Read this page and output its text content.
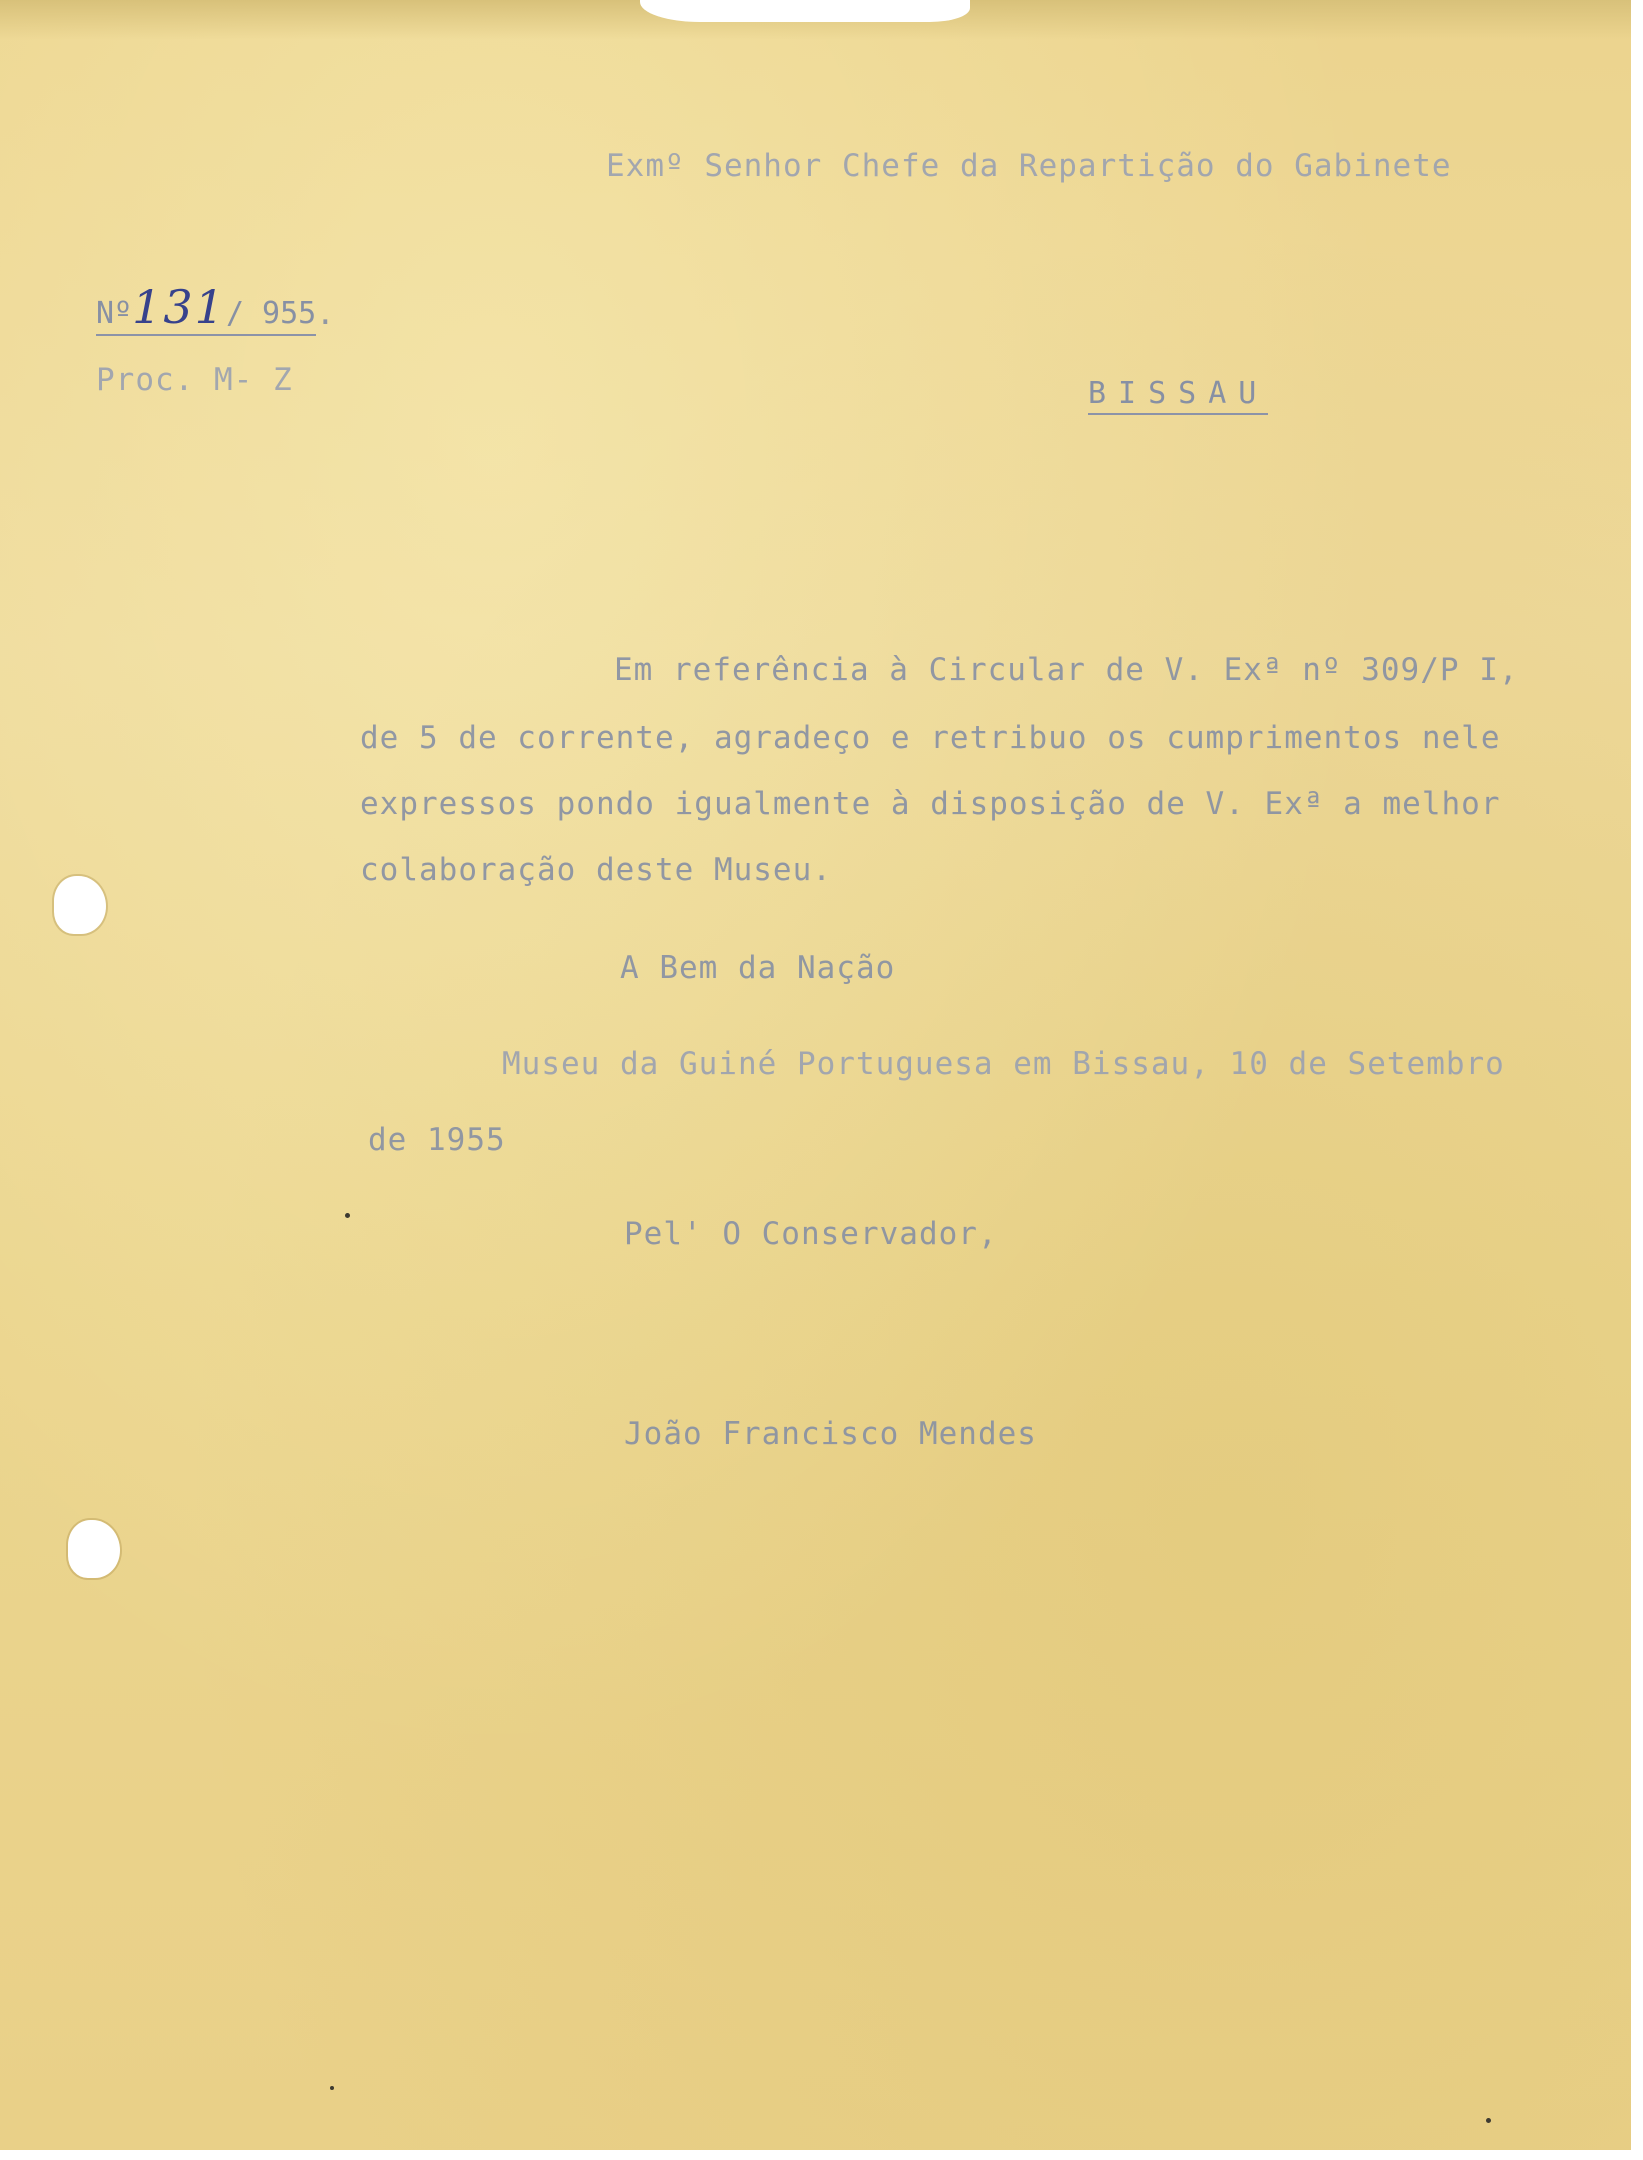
Exmº Senhor Chefe da Repartição do Gabinete
Nº131/ 955 .
Proc. M- Z	BISSAU
Em referência à Circular de V. Exª nº 309/P I,
de 5 de corrente, agradeço e retribuo os cumprimentos nele
expressos pondo igualmente à disposição de V. Exª a melhor
colaboração deste Museu.
A Bem da Nação
Museu da Guiné Portuguesa em Bissau, 10 de Setembro
de 1955
Pel' O Conservador,
João Francisco Mendes
